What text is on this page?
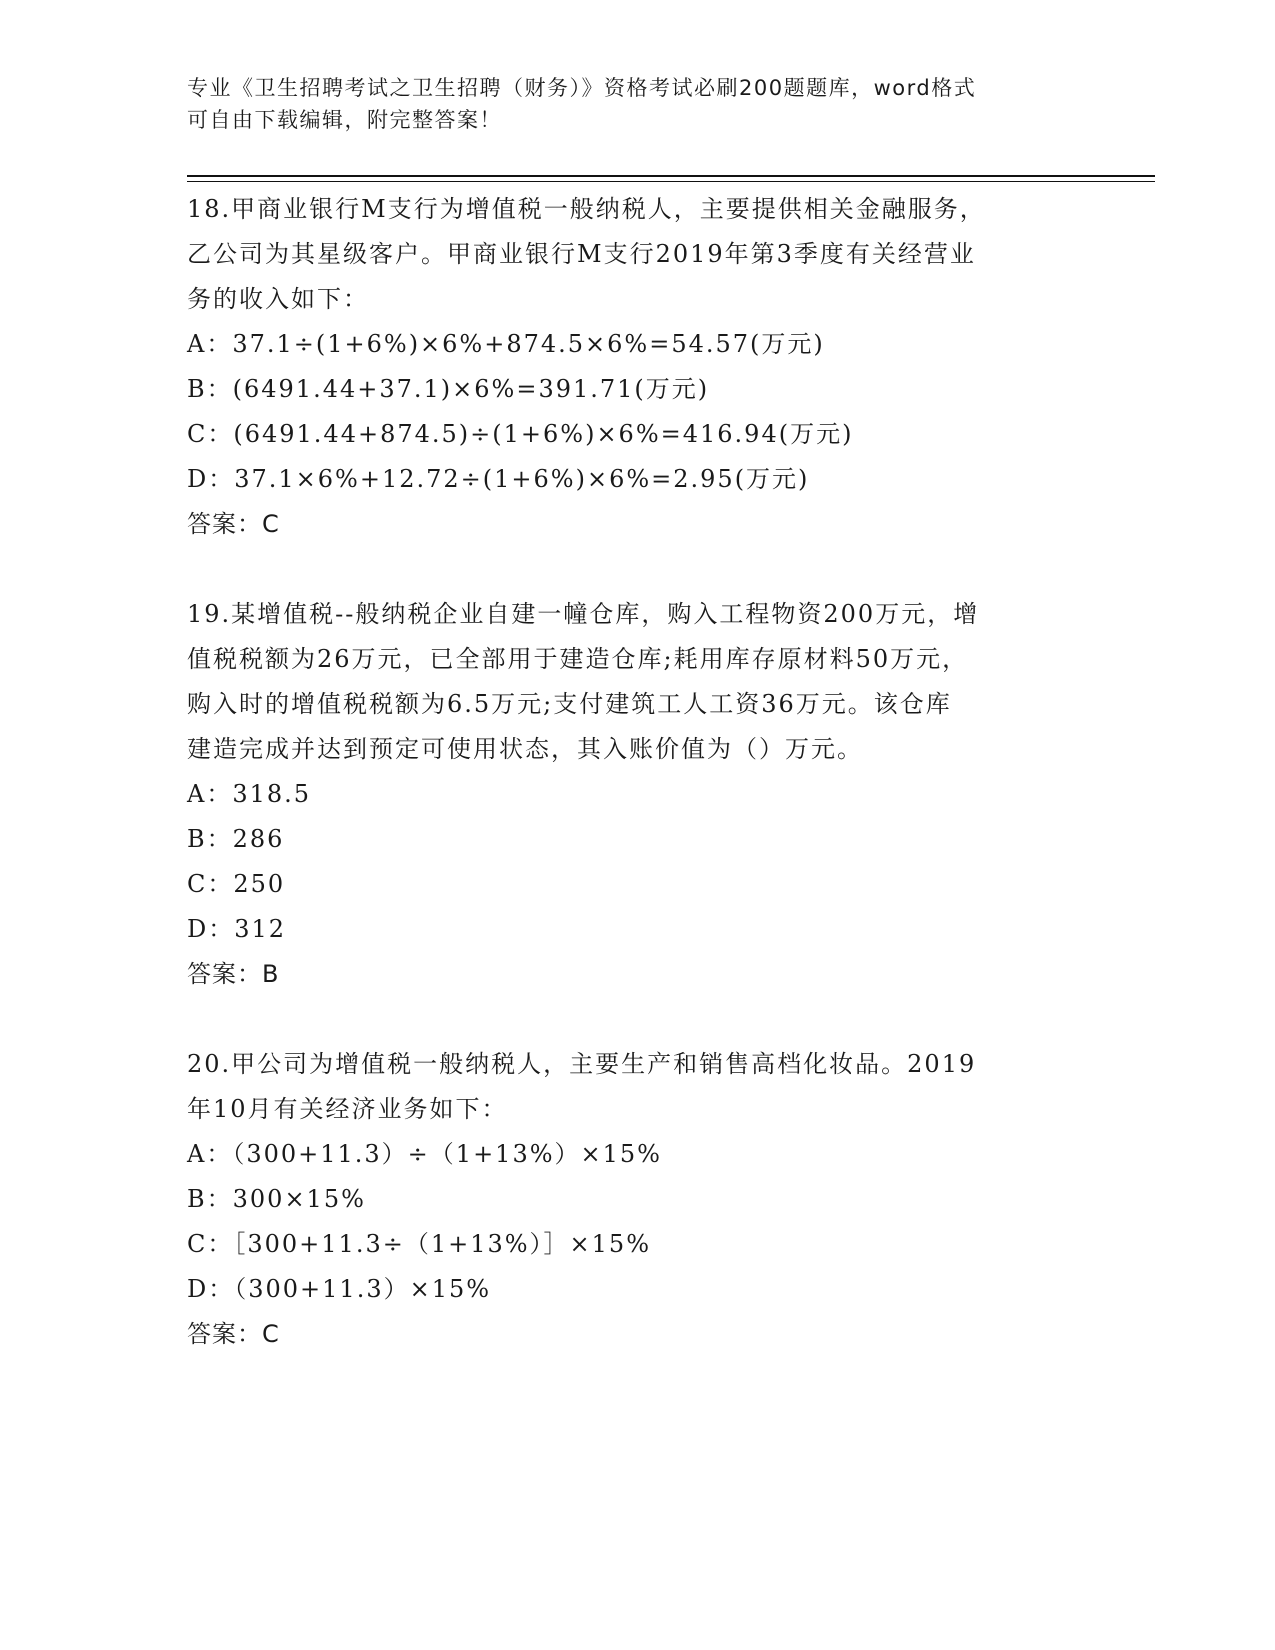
专业《卫生招聘考试之卫生招聘（财务）》资格考试必刷200题题库，word格式
可自由下载编辑，附完整答案！
18.甲商业银行M支行为增值税一般纳税人，主要提供相关金融服务，
乙公司为其星级客户。甲商业银行M支行2019年第3季度有关经营业
务的收入如下：
A：37.1÷(1+6%)×6%+874.5×6%=54.57(万元)
B：(6491.44+37.1)×6%=391.71(万元)
C：(6491.44+874.5)÷(1+6%)×6%=416.94(万元)
D：37.1×6%+12.72÷(1+6%)×6%=2.95(万元)
答案：C
19.某增值税--般纳税企业自建一幢仓库，购入工程物资200万元，增
值税税额为26万元，已全部用于建造仓库;耗用库存原材料50万元，
购入时的增值税税额为6.5万元;支付建筑工人工资36万元。该仓库
建造完成并达到预定可使用状态，其入账价值为（）万元。
A：318.5
B：286
C：250
D：312
答案：B
20.甲公司为增值税一般纳税人，主要生产和销售高档化妆品。2019
年10月有关经济业务如下：
A：（300+11.3）÷（1+13%）×15%
B：300×15%
C：［300+11.3÷（1+13%）］×15%
D：（300+11.3）×15%
答案：C
